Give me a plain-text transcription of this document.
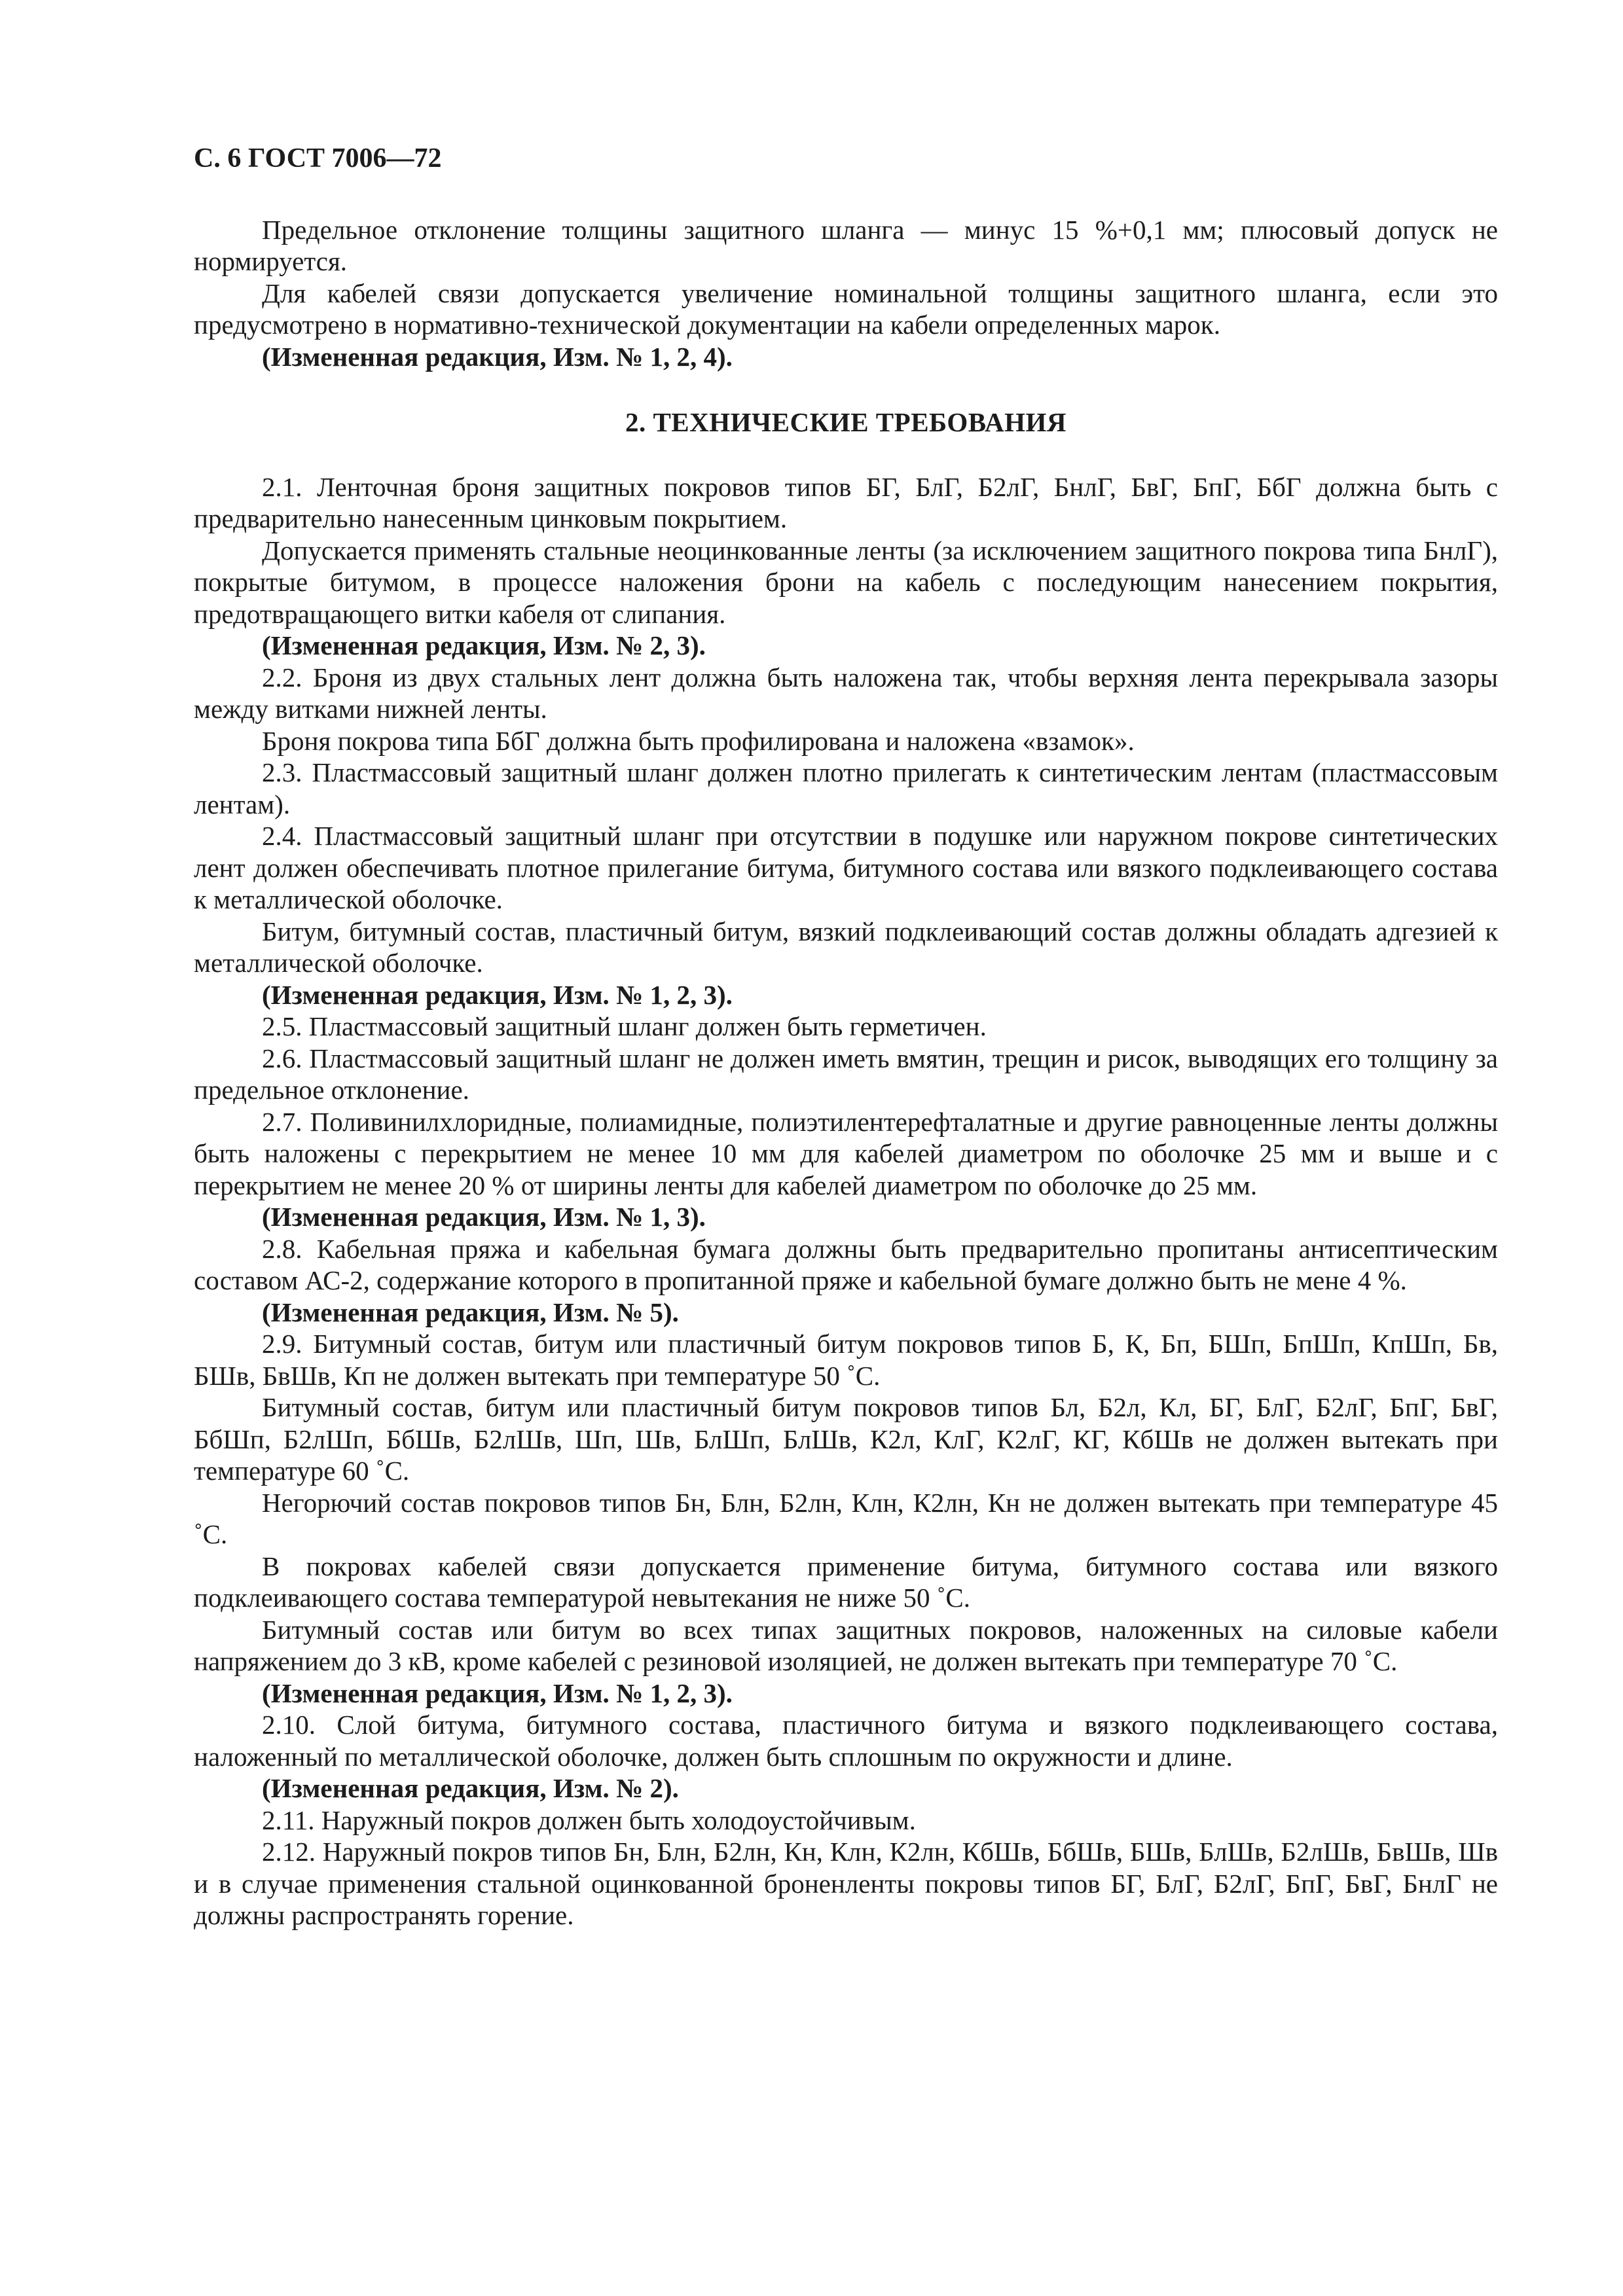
С. 6 ГОСТ 7006—72

Предельное отклонение толщины защитного шланга — минус 15 %+0,1 мм; плюсовый допуск не нормируется.

Для кабелей связи допускается увеличение номинальной толщины защитного шланга, если это предусмотрено в нормативно-технической документации на кабели определенных марок.

(Измененная редакция, Изм. № 1, 2, 4).

2. ТЕХНИЧЕСКИЕ ТРЕБОВАНИЯ

2.1. Ленточная броня защитных покровов типов БГ, БлГ, Б2лГ, БнлГ, БвГ, БпГ, БбГ должна быть с предварительно нанесенным цинковым покрытием.

Допускается применять стальные неоцинкованные ленты (за исключением защитного покрова типа БнлГ), покрытые битумом, в процессе наложения брони на кабель с последующим нанесением покрытия, предотвращающего витки кабеля от слипания.

(Измененная редакция, Изм. № 2, 3).

2.2. Броня из двух стальных лент должна быть наложена так, чтобы верхняя лента перекрывала зазоры между витками нижней ленты.

Броня покрова типа БбГ должна быть профилирована и наложена «взамок».

2.3. Пластмассовый защитный шланг должен плотно прилегать к синтетическим лентам (пластмассовым лентам).

2.4. Пластмассовый защитный шланг при отсутствии в подушке или наружном покрове синтетических лент должен обеспечивать плотное прилегание битума, битумного состава или вязкого подклеивающего состава к металлической оболочке.

Битум, битумный состав, пластичный битум, вязкий подклеивающий состав должны обладать адгезией к металлической оболочке.

(Измененная редакция, Изм. № 1, 2, 3).

2.5. Пластмассовый защитный шланг должен быть герметичен.

2.6. Пластмассовый защитный шланг не должен иметь вмятин, трещин и рисок, выводящих его толщину за предельное отклонение.

2.7. Поливинилхлоридные, полиамидные, полиэтилентерефталатные и другие равноценные ленты должны быть наложены с перекрытием не менее 10 мм для кабелей диаметром по оболочке 25 мм и выше и с перекрытием не менее 20 % от ширины ленты для кабелей диаметром по оболочке до 25 мм.

(Измененная редакция, Изм. № 1, 3).

2.8. Кабельная пряжа и кабельная бумага должны быть предварительно пропитаны антисептическим составом АС-2, содержание которого в пропитанной пряже и кабельной бумаге должно быть не мене 4 %.

(Измененная редакция, Изм. № 5).

2.9. Битумный состав, битум или пластичный битум покровов типов Б, К, Бп, БШп, БпШп, КпШп, Бв, БШв, БвШв, Кп не должен вытекать при температуре 50 ˚С.

Битумный состав, битум или пластичный битум покровов типов Бл, Б2л, Кл, БГ, БлГ, Б2лГ, БпГ, БвГ, БбШп, Б2лШп, БбШв, Б2лШв, Шп, Шв, БлШп, БлШв, К2л, КлГ, К2лГ, КГ, КбШв не должен вытекать при температуре 60 ˚С.

Негорючий состав покровов типов Бн, Блн, Б2лн, Клн, К2лн, Кн не должен вытекать при температуре 45 ˚С.

В покровах кабелей связи допускается применение битума, битумного состава или вязкого подклеивающего состава температурой невытекания не ниже 50 ˚С.

Битумный состав или битум во всех типах защитных покровов, наложенных на силовые кабели напряжением до 3 кВ, кроме кабелей с резиновой изоляцией, не должен вытекать при температуре 70 ˚С.

(Измененная редакция, Изм. № 1, 2, 3).

2.10. Слой битума, битумного состава, пластичного битума и вязкого подклеивающего состава, наложенный по металлической оболочке, должен быть сплошным по окружности и длине.

(Измененная редакция, Изм. № 2).

2.11. Наружный покров должен быть холодоустойчивым.

2.12. Наружный покров типов Бн, Блн, Б2лн, Кн, Клн, К2лн, КбШв, БбШв, БШв, БлШв, Б2лШв, БвШв, Шв и в случае применения стальной оцинкованной броненленты покровы типов БГ, БлГ, Б2лГ, БпГ, БвГ, БнлГ не должны распространять горение.
